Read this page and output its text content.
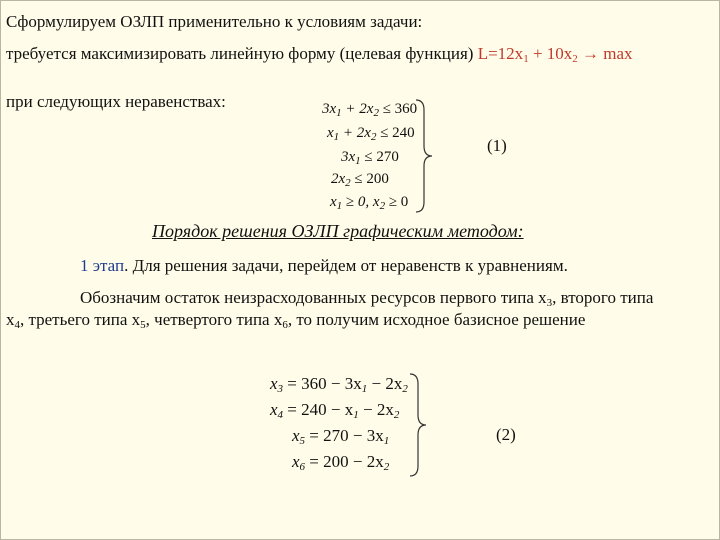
Сформулируем ОЗЛП применительно к условиям задачи:
требуется максимизировать линейную форму (целевая функция) $L=12x_1 + 10x_2 \to \max$
при следующих неравенствах:	$3x_1 + 2x_2 \le 360$
$x_1 + 2x_2 \le 240$
$3x_1 \le 270$
$2x_2 \le 200$
$x_1 \ge 0$, $x_2 \ge 0$
(1)
Порядок решения ОЗЛП графическим методом:
1 этап. Для решения задачи, перейдем от неравенств к уравнениям.
Обозначим остаток неизрасходованных ресурсов первого типа $x_3$, второго типа
$x_4$, третьего типа $x_5$, четвертого типа $x_6$, то получим исходное базисное решение
$x_3 = 360 - 3x_1 - 2x_2$
$x_4 = 240 - x_1 - 2x_2$
$x_5 = 270 - 3x_1$
$x_6 = 200 - 2x_2$
(2)
